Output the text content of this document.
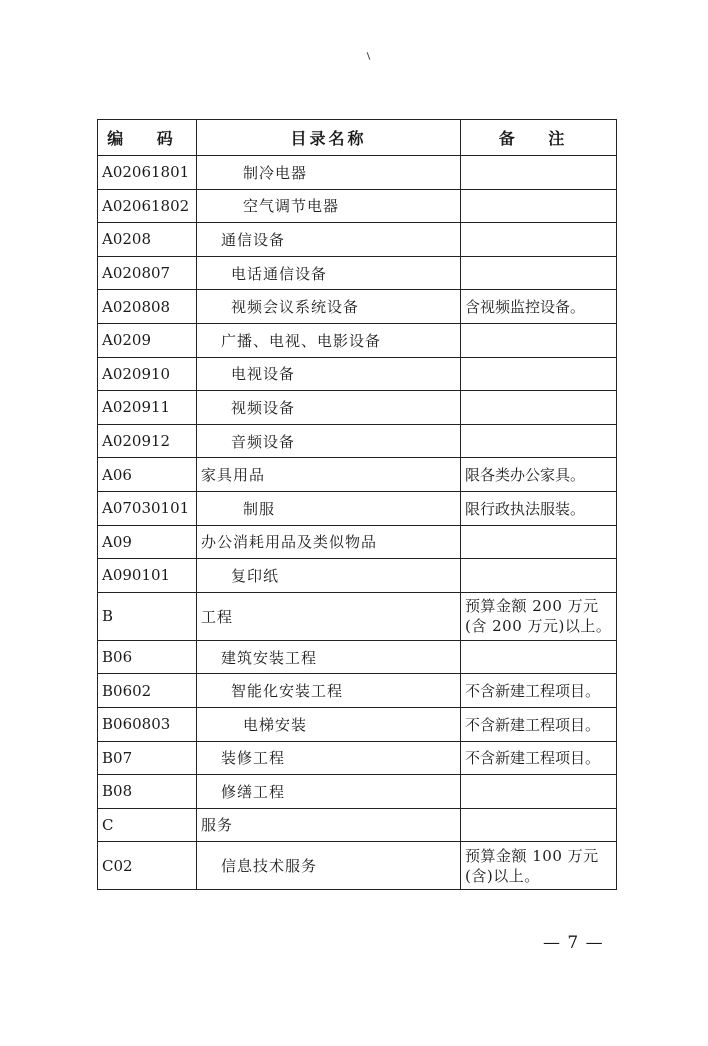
编 码	目录名称	备 注
A02061801	制冷电器	
A02061802	空气调节电器	
A0208	通信设备	
A020807	电话通信设备	
A020808	视频会议系统设备	含视频监控设备。
A0209	广播、电视、电影设备	
A020910	电视设备	
A020911	视频设备	
A020912	音频设备	
A06	家具用品	限各类办公家具。
A07030101	制服	限行政执法服装。
A09	办公消耗用品及类似物品	
A090101	复印纸	
B	工程	预算金额 200 万元(含 200 万元)以上。
B06	建筑安装工程	
B0602	智能化安装工程	不含新建工程项目。
B060803	电梯安装	不含新建工程项目。
B07	装修工程	不含新建工程项目。
B08	修缮工程	
C	服务	
C02	信息技术服务	预算金额 100 万元(含)以上。
— 7 —
